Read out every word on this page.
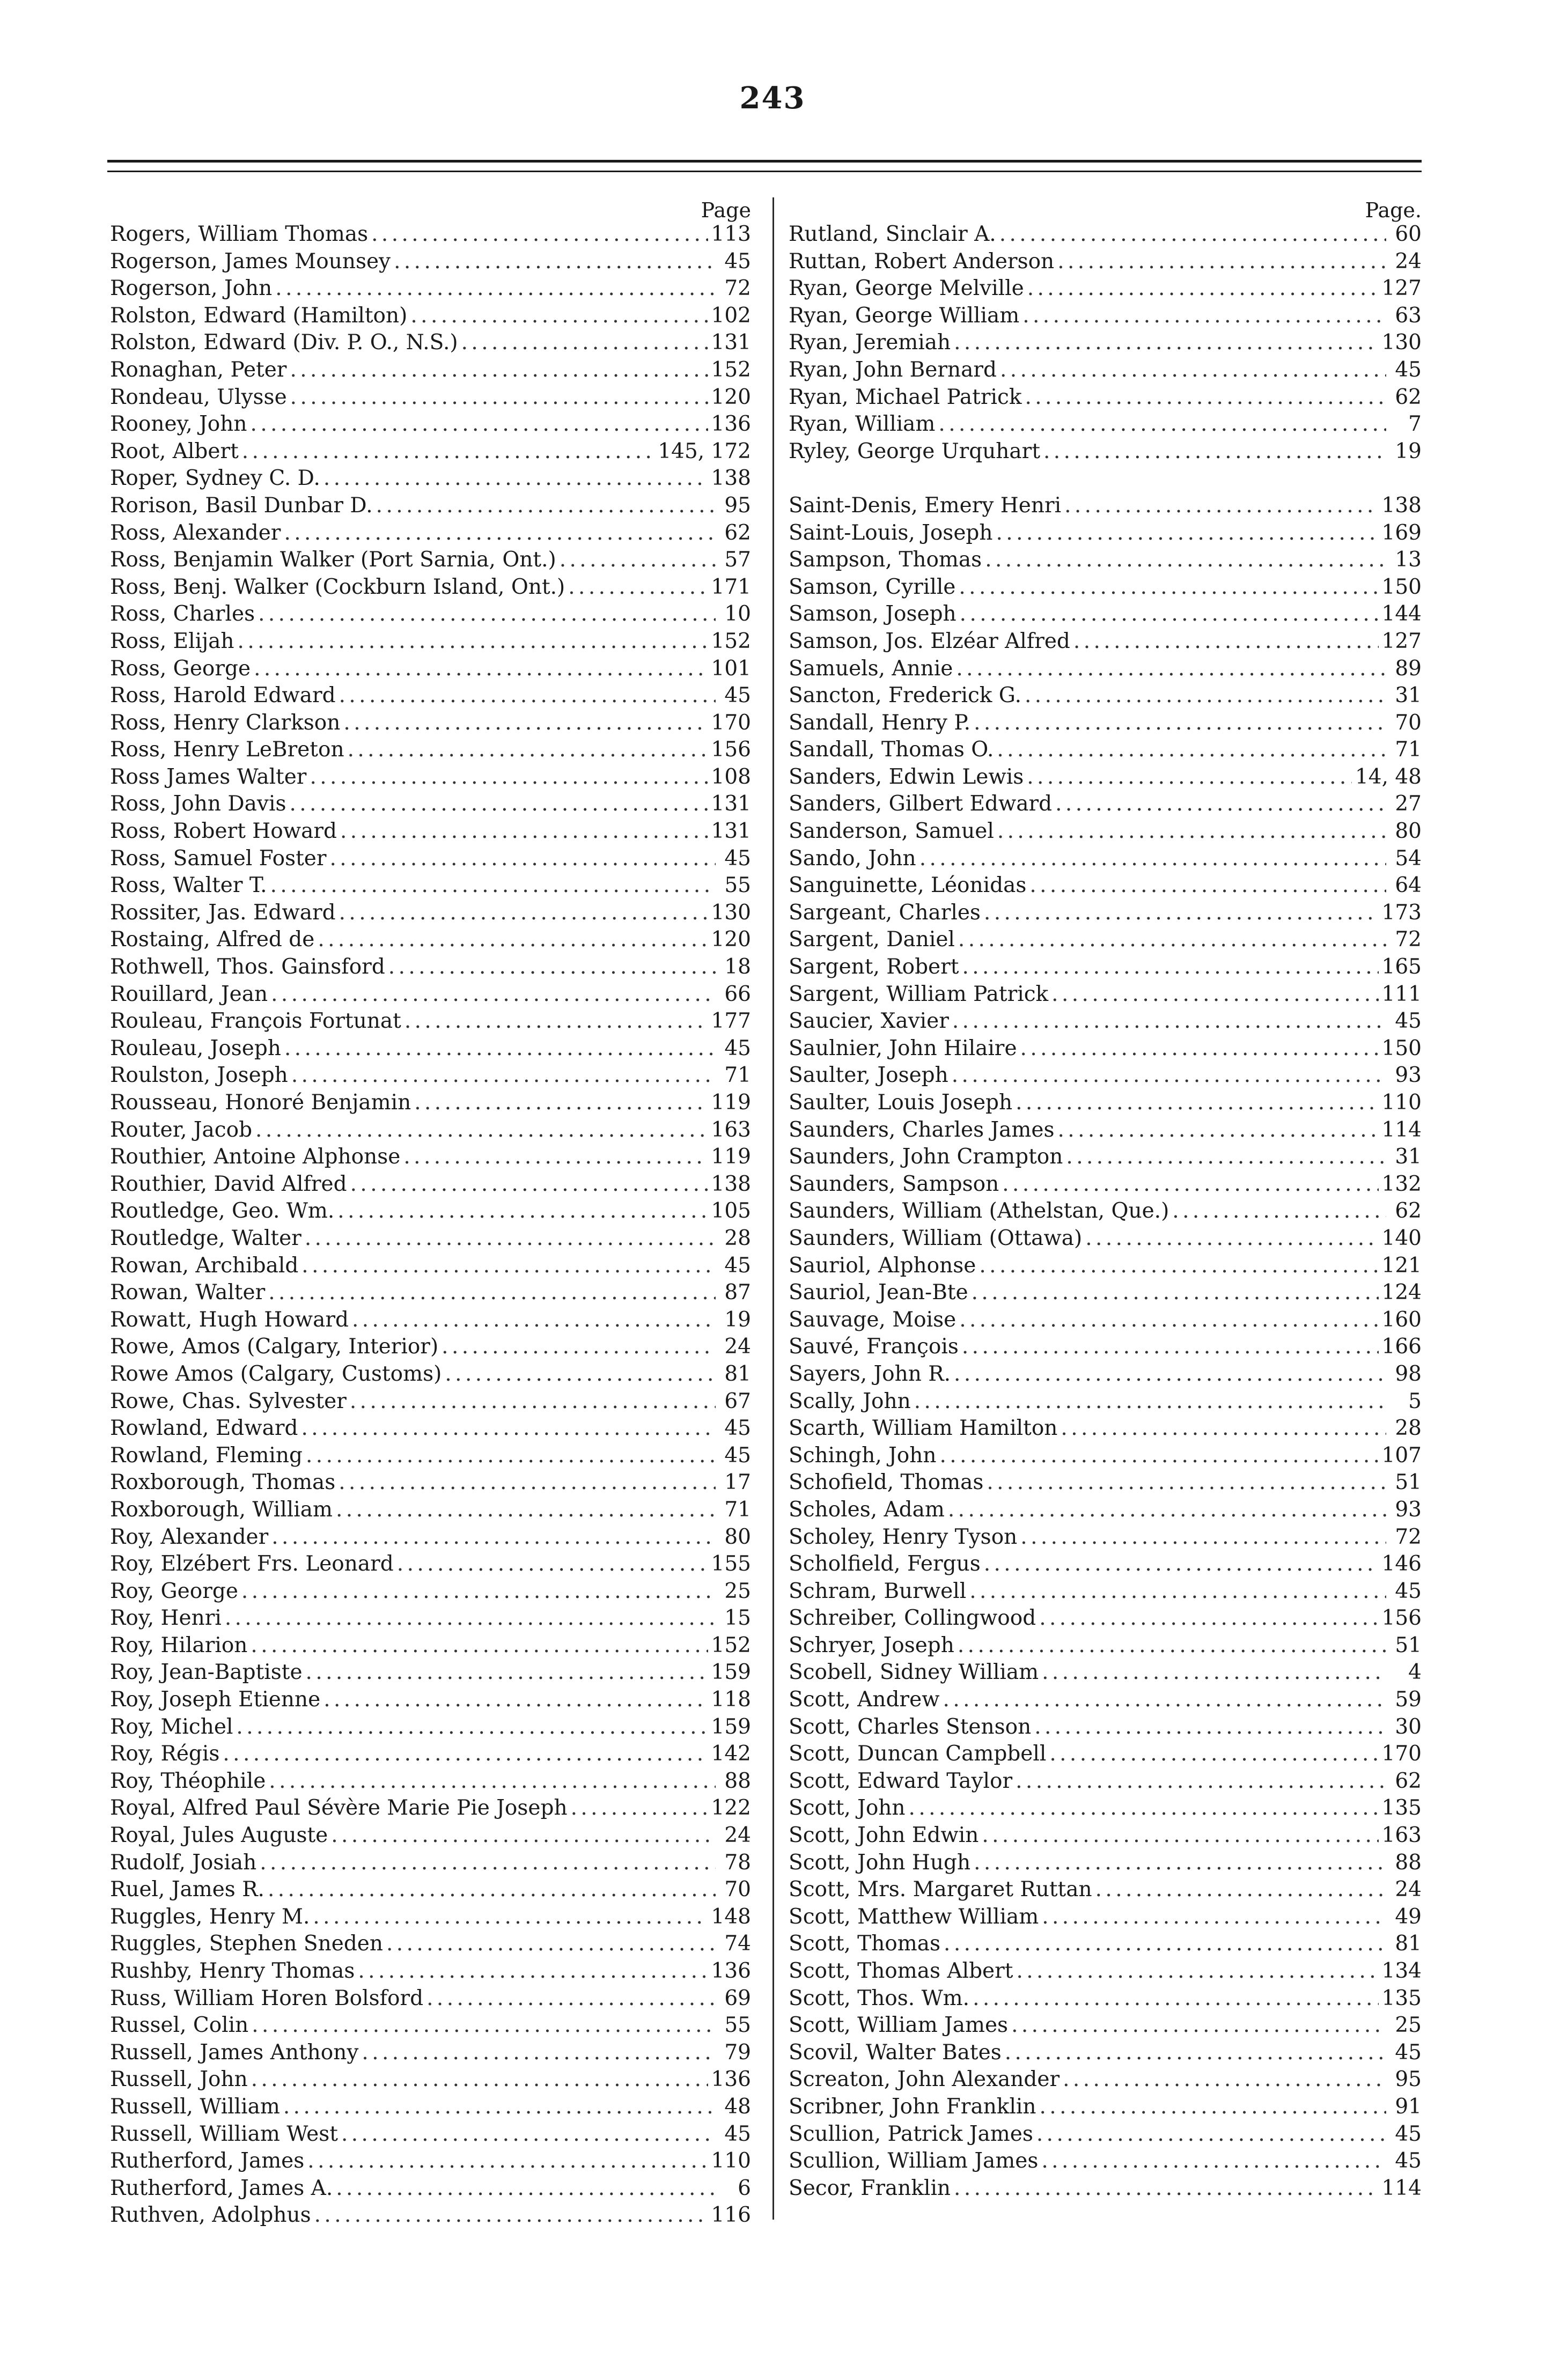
243
Page
Rogers, William Thomas . . .	113
Rogerson, James Mounsey . . .	45
Rogerson, John . . .	72
Rolston, Edward (Hamilton) . . .	102
Rolston, Edward (Div. P. O., N.S.) . . .	131
Ronaghan, Peter . . .	152
Rondeau, Ulysse . . .	120
Rooney, John . . .	136
Root, Albert . . .	145, 172
Roper, Sydney C. D. . . .	138
Rorison, Basil Dunbar D. . . .	95
Ross, Alexander . . .	62
Ross, Benjamin Walker (Port Sarnia, Ont.) . . .	57
Ross, Benj. Walker (Cockburn Island, Ont.) . . .	171
Ross, Charles . . .	10
Ross, Elijah . . .	152
Ross, George . . .	101
Ross, Harold Edward . . .	45
Ross, Henry Clarkson . . .	170
Ross, Henry LeBreton . . .	156
Ross James Walter . . .	108
Ross, John Davis . . .	131
Ross, Robert Howard . . .	131
Ross, Samuel Foster . . .	45
Ross, Walter T. . . .	55
Rossiter, Jas. Edward . . .	130
Rostaing, Alfred de . . .	120
Rothwell, Thos. Gainsford . . .	18
Rouillard, Jean . . .	66
Rouleau, François Fortunat . . .	177
Rouleau, Joseph . . .	45
Roulston, Joseph . . .	71
Rousseau, Honoré Benjamin . . .	119
Router, Jacob . . .	163
Routhier, Antoine Alphonse . . .	119
Routhier, David Alfred . . .	138
Routledge, Geo. Wm. . . .	105
Routledge, Walter . . .	28
Rowan, Archibald . . .	45
Rowan, Walter . . .	87
Rowatt, Hugh Howard . . .	19
Rowe, Amos (Calgary, Interior) . . .	24
Rowe Amos (Calgary, Customs) . . .	81
Rowe, Chas. Sylvester . . .	67
Rowland, Edward . . .	45
Rowland, Fleming . . .	45
Roxborough, Thomas . . .	17
Roxborough, William . . .	71
Roy, Alexander . . .	80
Roy, Elzébert Frs. Leonard . . .	155
Roy, George . . .	25
Roy, Henri . . .	15
Roy, Hilarion . . .	152
Roy, Jean-Baptiste . . .	159
Roy, Joseph Etienne . . .	118
Roy, Michel . . .	159
Roy, Régis . . .	142
Roy, Théophile . . .	88
Royal, Alfred Paul Sévère Marie Pie Joseph . . .	122
Royal, Jules Auguste . . .	24
Rudolf, Josiah . . .	78
Ruel, James R. . . .	70
Ruggles, Henry M. . . .	148
Ruggles, Stephen Sneden . . .	74
Rushby, Henry Thomas . . .	136
Russ, William Horen Bolsford . . .	69
Russel, Colin . . .	55
Russell, James Anthony . . .	79
Russell, John . . .	136
Russell, William . . .	48
Russell, William West . . .	45
Rutherford, James . . .	110
Rutherford, James A. . . .	6
Ruthven, Adolphus . . .	116
Page.
Rutland, Sinclair A. . . .	60
Ruttan, Robert Anderson . . .	24
Ryan, George Melville . . .	127
Ryan, George William . . .	63
Ryan, Jeremiah . . .	130
Ryan, John Bernard . . .	45
Ryan, Michael Patrick . . .	62
Ryan, William . . .	7
Ryley, George Urquhart . . .	19
Saint-Denis, Emery Henri . . .	138
Saint-Louis, Joseph . . .	169
Sampson, Thomas . . .	13
Samson, Cyrille . . .	150
Samson, Joseph . . .	144
Samson, Jos. Elzéar Alfred . . .	127
Samuels, Annie . . .	89
Sancton, Frederick G. . . .	31
Sandall, Henry P. . . .	70
Sandall, Thomas O. . . .	71
Sanders, Edwin Lewis . . .	14, 48
Sanders, Gilbert Edward . . .	27
Sanderson, Samuel . . .	80
Sando, John . . .	54
Sanguinette, Léonidas . . .	64
Sargeant, Charles . . .	173
Sargent, Daniel . . .	72
Sargent, Robert . . .	165
Sargent, William Patrick . . .	111
Saucier, Xavier . . .	45
Saulnier, John Hilaire . . .	150
Saulter, Joseph . . .	93
Saulter, Louis Joseph . . .	110
Saunders, Charles James . . .	114
Saunders, John Crampton . . .	31
Saunders, Sampson . . .	132
Saunders, William (Athelstan, Que.) . . .	62
Saunders, William (Ottawa) . . .	140
Sauriol, Alphonse . . .	121
Sauriol, Jean-Bte . . .	124
Sauvage, Moise . . .	160
Sauvé, François . . .	166
Sayers, John R. . . .	98
Scally, John . . .	5
Scarth, William Hamilton . . .	28
Schingh, John . . .	107
Schofield, Thomas . . .	51
Scholes, Adam . . .	93
Scholey, Henry Tyson . . .	72
Scholfield, Fergus . . .	146
Schram, Burwell . . .	45
Schreiber, Collingwood . . .	156
Schryer, Joseph . . .	51
Scobell, Sidney William . . .	4
Scott, Andrew . . .	59
Scott, Charles Stenson . . .	30
Scott, Duncan Campbell . . .	170
Scott, Edward Taylor . . .	62
Scott, John . . .	135
Scott, John Edwin . . .	163
Scott, John Hugh . . .	88
Scott, Mrs. Margaret Ruttan . . .	24
Scott, Matthew William . . .	49
Scott, Thomas . . .	81
Scott, Thomas Albert . . .	134
Scott, Thos. Wm. . . .	135
Scott, William James . . .	25
Scovil, Walter Bates . . .	45
Screaton, John Alexander . . .	95
Scribner, John Franklin . . .	91
Scullion, Patrick James . . .	45
Scullion, William James . . .	45
Secor, Franklin . . .	114
